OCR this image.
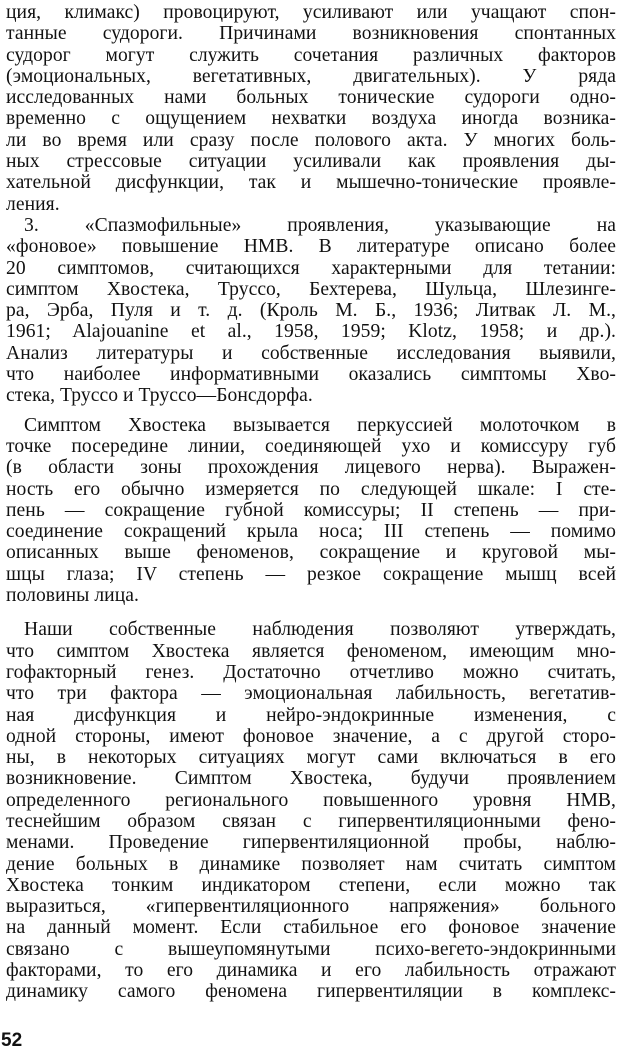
ция, климакс) провоцируют, усиливают или учащают спон-
танные судороги. Причинами возникновения спонтанных
судорог могут служить сочетания различных факторов
(эмоциональных, вегетативных, двигательных). У ряда
исследованных нами больных тонические судороги одно-
временно с ощущением нехватки воздуха иногда возника-
ли во время или сразу после полового акта. У многих боль-
ных стрессовые ситуации усиливали как проявления ды-
хательной дисфункции, так и мышечно-тонические проявле-
ления.
3. «Спазмофильные» проявления, указывающие на
«фоновое» повышение НМВ. В литературе описано более
20 симптомов, считающихся характерными для тетании:
симптом Хвостека, Труссо, Бехтерева, Шульца, Шлезинге-
ра, Эрба, Пуля и т. д. (Кроль М. Б., 1936; Литвак Л. М.,
1961; Alajouanine et al., 1958, 1959; Klotz, 1958; и др.).
Анализ литературы и собственные исследования выявили,
что наиболее информативными оказались симптомы Хво-
стека, Труссо и Труссо—Бонсдорфа.
Симптом Хвостека вызывается перкуссией молоточком в
точке посередине линии, соединяющей ухо и комиссуру губ
(в области зоны прохождения лицевого нерва). Выражен-
ность его обычно измеряется по следующей шкале: I сте-
пень — сокращение губной комиссуры; II степень — при-
соединение сокращений крыла носа; III степень — помимо
описанных выше феноменов, сокращение и круговой мы-
шцы глаза; IV степень — резкое сокращение мышц всей
половины лица.
Наши собственные наблюдения позволяют утверждать,
что симптом Хвостека является феноменом, имеющим мно-
гофакторный генез. Достаточно отчетливо можно считать,
что три фактора — эмоциональная лабильность, вегетатив-
ная дисфункция и нейро-эндокринные изменения, с
одной стороны, имеют фоновое значение, а с другой сторо-
ны, в некоторых ситуациях могут сами включаться в его
возникновение. Симптом Хвостека, будучи проявлением
определенного регионального повышенного уровня НМВ,
теснейшим образом связан с гипервентиляционными фено-
менами. Проведение гипервентиляционной пробы, наблю-
дение больных в динамике позволяет нам считать симптом
Хвостека тонким индикатором степени, если можно так
выразиться, «гипервентиляционного напряжения» больного
на данный момент. Если стабильное его фоновое значение
связано с вышеупомянутыми психо-вегето-эндокринными
факторами, то его динамика и его лабильность отражают
динамику самого феномена гипервентиляции в комплекс-
52
